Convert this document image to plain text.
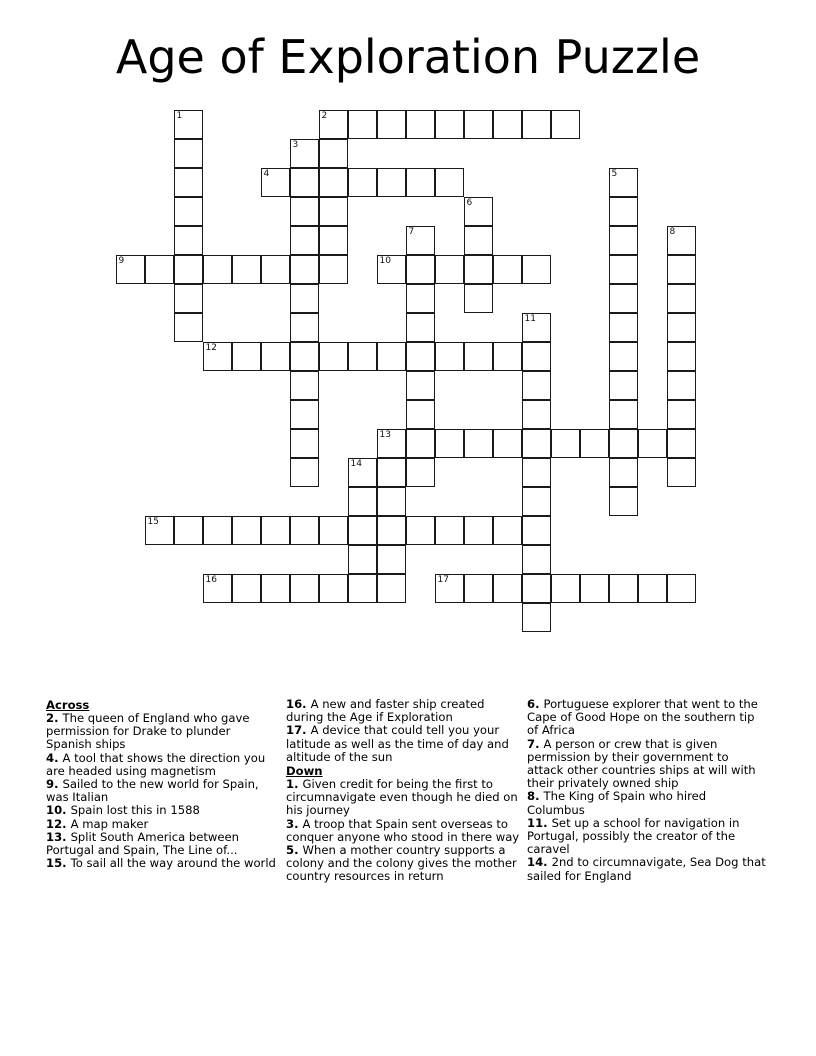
Age of Exploration Puzzle
1	2
3
4	5
6
7	8
9	10
11
12
13
14
15
16	17
Across
2. The queen of England who gave permission for Drake to plunder Spanish ships
4. A tool that shows the direction you are headed using magnetism
9. Sailed to the new world for Spain, was Italian
10. Spain lost this in 1588
12. A map maker
13. Split South America between Portugal and Spain, The Line of...
15. To sail all the way around the world
16. A new and faster ship created during the Age if Exploration
17. A device that could tell you your latitude as well as the time of day and altitude of the sun
Down
1. Given credit for being the first to circumnavigate even though he died on his journey
3. A troop that Spain sent overseas to conquer anyone who stood in there way
5. When a mother country supports a colony and the colony gives the mother country resources in return
6. Portuguese explorer that went to the Cape of Good Hope on the southern tip of Africa
7. A person or crew that is given permission by their government to attack other countries ships at will with their privately owned ship
8. The King of Spain who hired Columbus
11. Set up a school for navigation in Portugal, possibly the creator of the caravel
14. 2nd to circumnavigate, Sea Dog that sailed for England
